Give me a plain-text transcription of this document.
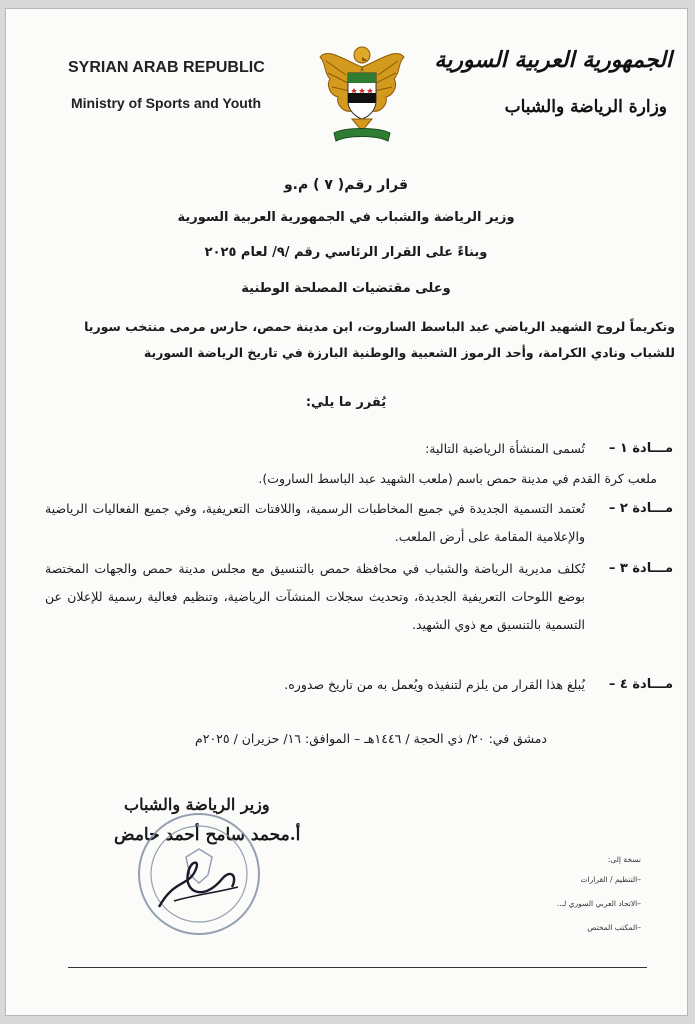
SYRIAN ARAB REPUBLIC
Ministry of Sports and Youth
الجمهورية العربية السورية
وزارة الرياضة والشباب
قرار رقم( ٧ ) م.و
وزير الرياضة والشباب في الجمهورية العربية السورية
وبناءً على القرار الرئاسي رقم /٩/ لعام ٢٠٢٥
وعلى مقتضيات المصلحة الوطنية
وتكريماً لروح الشهيد الرياضي عبد الباسط الساروت، ابن مدينة حمص، حارس مرمى منتخب سوريا
للشباب ونادي الكرامة، وأحد الرموز الشعبية والوطنية البارزة في تاريخ الرياضة السورية
يُقرر ما يلي:
مـــادة ١ –
تُسمى المنشأة الرياضية التالية:
ملعب كرة القدم في مدينة حمص باسم (ملعب الشهيد عبد الباسط الساروت).
مـــادة ٢ –
تُعتمد التسمية الجديدة في جميع المخاطبات الرسمية، واللافتات التعريفية، وفي جميع الفعاليات الرياضية والإعلامية المقامة على أرض الملعب.
مـــادة ٣ –
تُكلف مديرية الرياضة والشباب في محافظة حمص بالتنسيق مع مجلس مدينة حمص والجهات المختصة بوضع اللوحات التعريفية الجديدة، وتحديث سجلات المنشآت الرياضية، وتنظيم فعالية رسمية للإعلان عن التسمية بالتنسيق مع ذوي الشهيد.
مـــادة ٤ –
يُبلغ هذا القرار من يلزم لتنفيذه ويُعمل به من تاريخ صدوره.
دمشق في: ٢٠/ ذي الحجة / ١٤٤٦هـ – الموافق: ١٦/ حزيران / ٢٠٢٥م
وزير الرياضة والشباب
أ.محمد سامح أحمد حامض
نسخة إلى:
–التنظيم / القرارات
–الاتحاد العربي السوري لـ..
–المكتب المختص
